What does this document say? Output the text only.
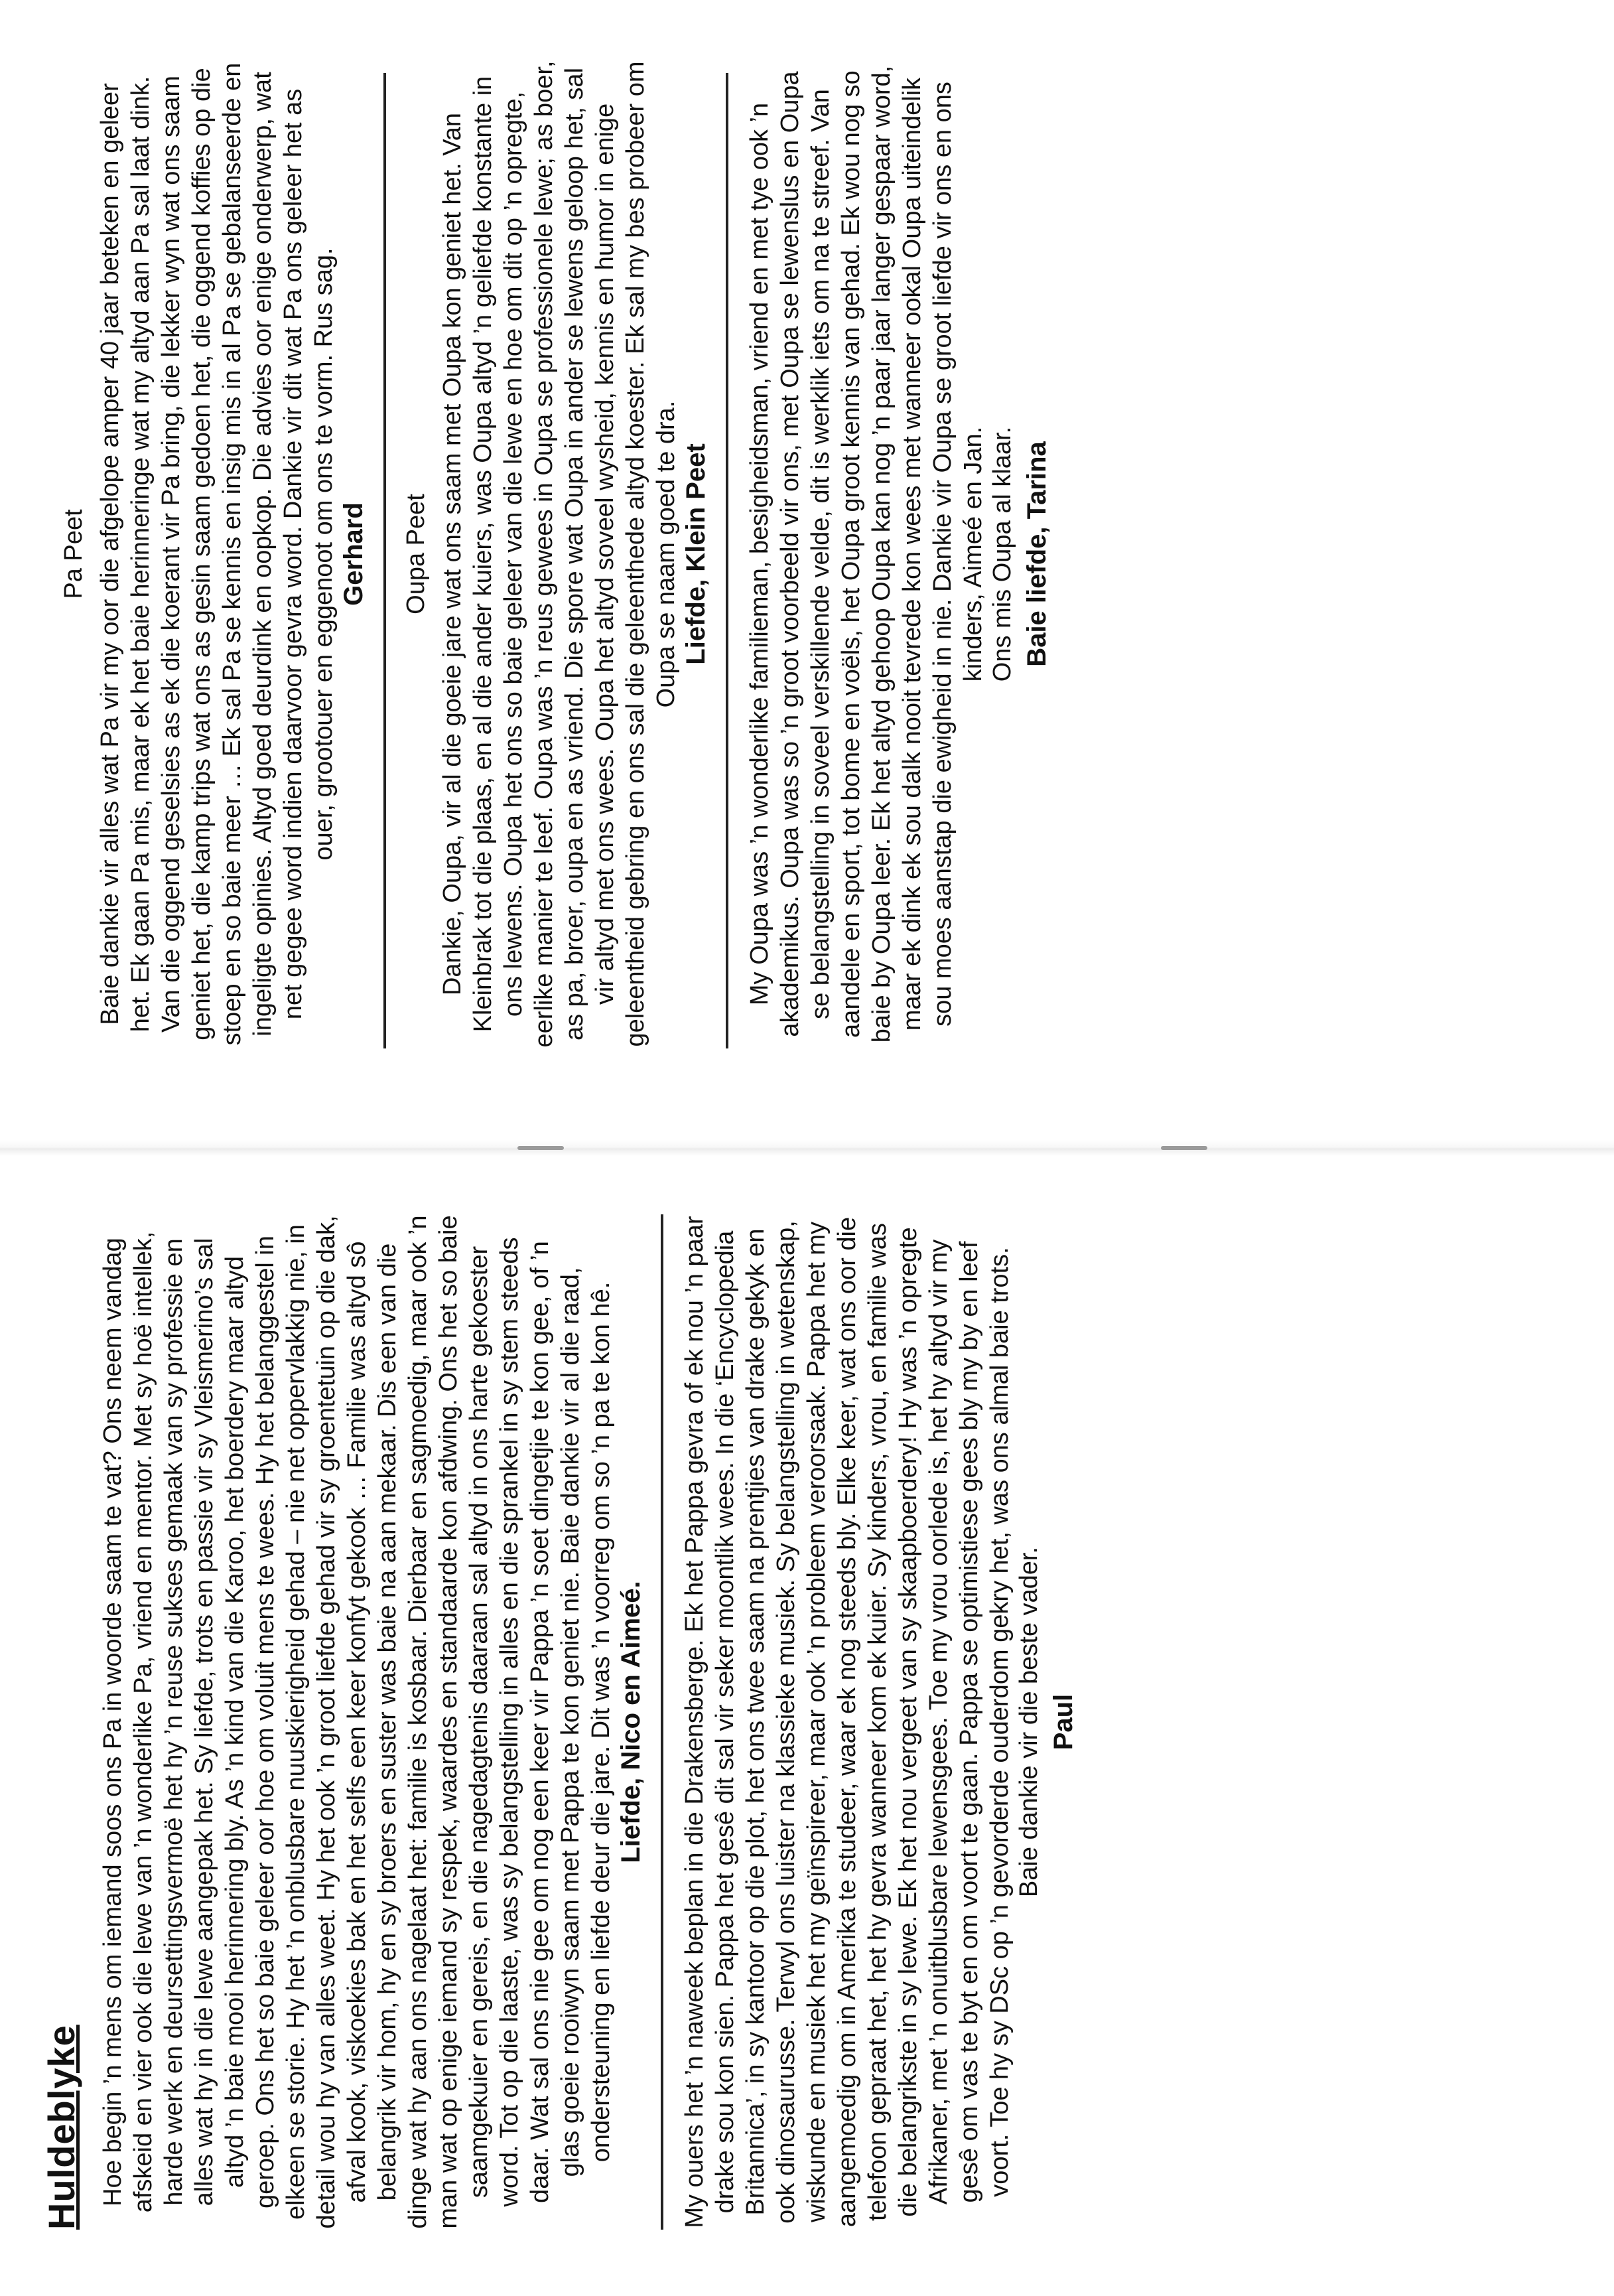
Huldeblyke Hoe begin ’n mens om iemand soos ons Pa in woorde saam te vat? Ons neem vandag afskeid en vier ook die lewe van ’n wonderlike Pa, vriend en mentor. Met sy hoë intellek, harde werk en deursettingsvermoë het hy ’n reuse sukses gemaak van sy professie en alles wat hy in die lewe aangepak het. Sy liefde, trots en passie vir sy Vleismerino’s sal altyd ’n baie mooi herinnering bly. As ’n kind van die Karoo, het boerdery maar altyd geroep. Ons het so baie geleer oor hoe om voluit mens te wees. Hy het belanggestel in elkeen se storie. Hy het ’n onblusbare nuuskierigheid gehad – nie net oppervlakkig nie, in detail wou hy van alles weet. Hy het ook ’n groot liefde gehad vir sy groentetuin op die dak, afval kook, viskoekies bak en het selfs een keer konfyt gekook … Familie was altyd sô belangrik vir hom, hy en sy broers en suster was baie na aan mekaar. Dis een van die dinge wat hy aan ons nagelaat het: familie is kosbaar. Dierbaar en sagmoedig, maar ook ’n man wat op enige iemand sy respek, waardes en standaarde kon afdwing. Ons het so baie saamgekuier en gereis, en die nagedagtenis daaraan sal altyd in ons harte gekoester word. Tot op die laaste, was sy belangstelling in alles en die sprankel in sy stem steeds daar. Wat sal ons nie gee om nog een keer vir Pappa ’n soet dingetjie te kon gee, of ’n glas goeie rooiwyn saam met Pappa te kon geniet nie. Baie dankie vir al die raad, ondersteuning en liefde deur die jare. Dit was ’n voorreg om so ’n pa te kon hê. Liefde, Nico en Aimeé. My ouers het ’n naweek beplan in die Drakensberge. Ek het Pappa gevra of ek nou ’n paar drake sou kon sien. Pappa het gesê dit sal vir seker moontlik wees. In die ‘Encyclopedia Britannica’, in sy kantoor op die plot, het ons twee saam na prentjies van drake gekyk en ook dinosaurusse. Terwyl ons luister na klassieke musiek. Sy belangstelling in wetenskap, wiskunde en musiek het my geïnspireer, maar ook ’n probleem veroorsaak. Pappa het my aangemoedig om in Amerika te studeer, waar ek nog steeds bly. Elke keer, wat ons oor die telefoon gepraat het, het hy gevra wanneer kom ek kuier. Sy kinders, vrou, en familie was die belangrikste in sy lewe. Ek het nou vergeet van sy skaapboerdery! Hy was ’n opregte Afrikaner, met ’n onuitblusbare lewensgees. Toe my vrou oorlede is, het hy altyd vir my gesê om vas te byt en om voort te gaan. Pappa se optimistiese gees bly my by en leef voort. Toe hy sy DSc op ’n gevorderde ouderdom gekry het, was ons almal baie trots. Baie dankie vir die beste vader. Paul

Pa Peet Baie dankie vir alles wat Pa vir my oor die afgelope amper 40 jaar beteken en geleer het. Ek gaan Pa mis, maar ek het baie herinneringe wat my altyd aan Pa sal laat dink. Van die oggend geselsies as ek die koerant vir Pa bring, die lekker wyn wat ons saam geniet het, die kamp trips wat ons as gesin saam gedoen het, die oggend koffies op die stoep en so baie meer … Ek sal Pa se kennis en insig mis in al Pa se gebalanseerde en ingeligte opinies. Altyd goed deurdink en oopkop. Die advies oor enige onderwerp, wat net gegee word indien daarvoor gevra word. Dankie vir dit wat Pa ons geleer het as ouer, grootouer en eggenoot om ons te vorm. Rus sag. Gerhard Oupa Peet Dankie, Oupa, vir al die goeie jare wat ons saam met Oupa kon geniet het. Van Kleinbrak tot die plaas, en al die ander kuiers, was Oupa altyd ’n geliefde konstante in ons lewens. Oupa het ons so baie geleer van die lewe en hoe om dit op ’n opregte, eerlike manier te leef. Oupa was ’n reus gewees in Oupa se professionele lewe; as boer, as pa, broer, oupa en as vriend. Die spore wat Oupa in ander se lewens geloop het, sal vir altyd met ons wees. Oupa het altyd soveel wysheid, kennis en humor in enige geleentheid gebring en ons sal die geleenthede altyd koester. Ek sal my bes probeer om Oupa se naam goed te dra. Liefde, Klein Peet My Oupa was ’n wonderlike familieman, besigheidsman, vriend en met tye ook ’n akademikus. Oupa was so ’n groot voorbeeld vir ons, met Oupa se lewenslus en Oupa se belangstelling in soveel verskillende velde, dit is werklik iets om na te streef. Van aandele en sport, tot bome en voëls, het Oupa groot kennis van gehad. Ek wou nog so baie by Oupa leer. Ek het altyd gehoop Oupa kan nog ’n paar jaar langer gespaar word, maar ek dink ek sou dalk nooit tevrede kon wees met wanneer ookal Oupa uiteindelik sou moes aanstap die ewigheid in nie. Dankie vir Oupa se groot liefde vir ons en ons kinders, Aimeé en Jan. Ons mis Oupa al klaar. Baie liefde, Tarina
